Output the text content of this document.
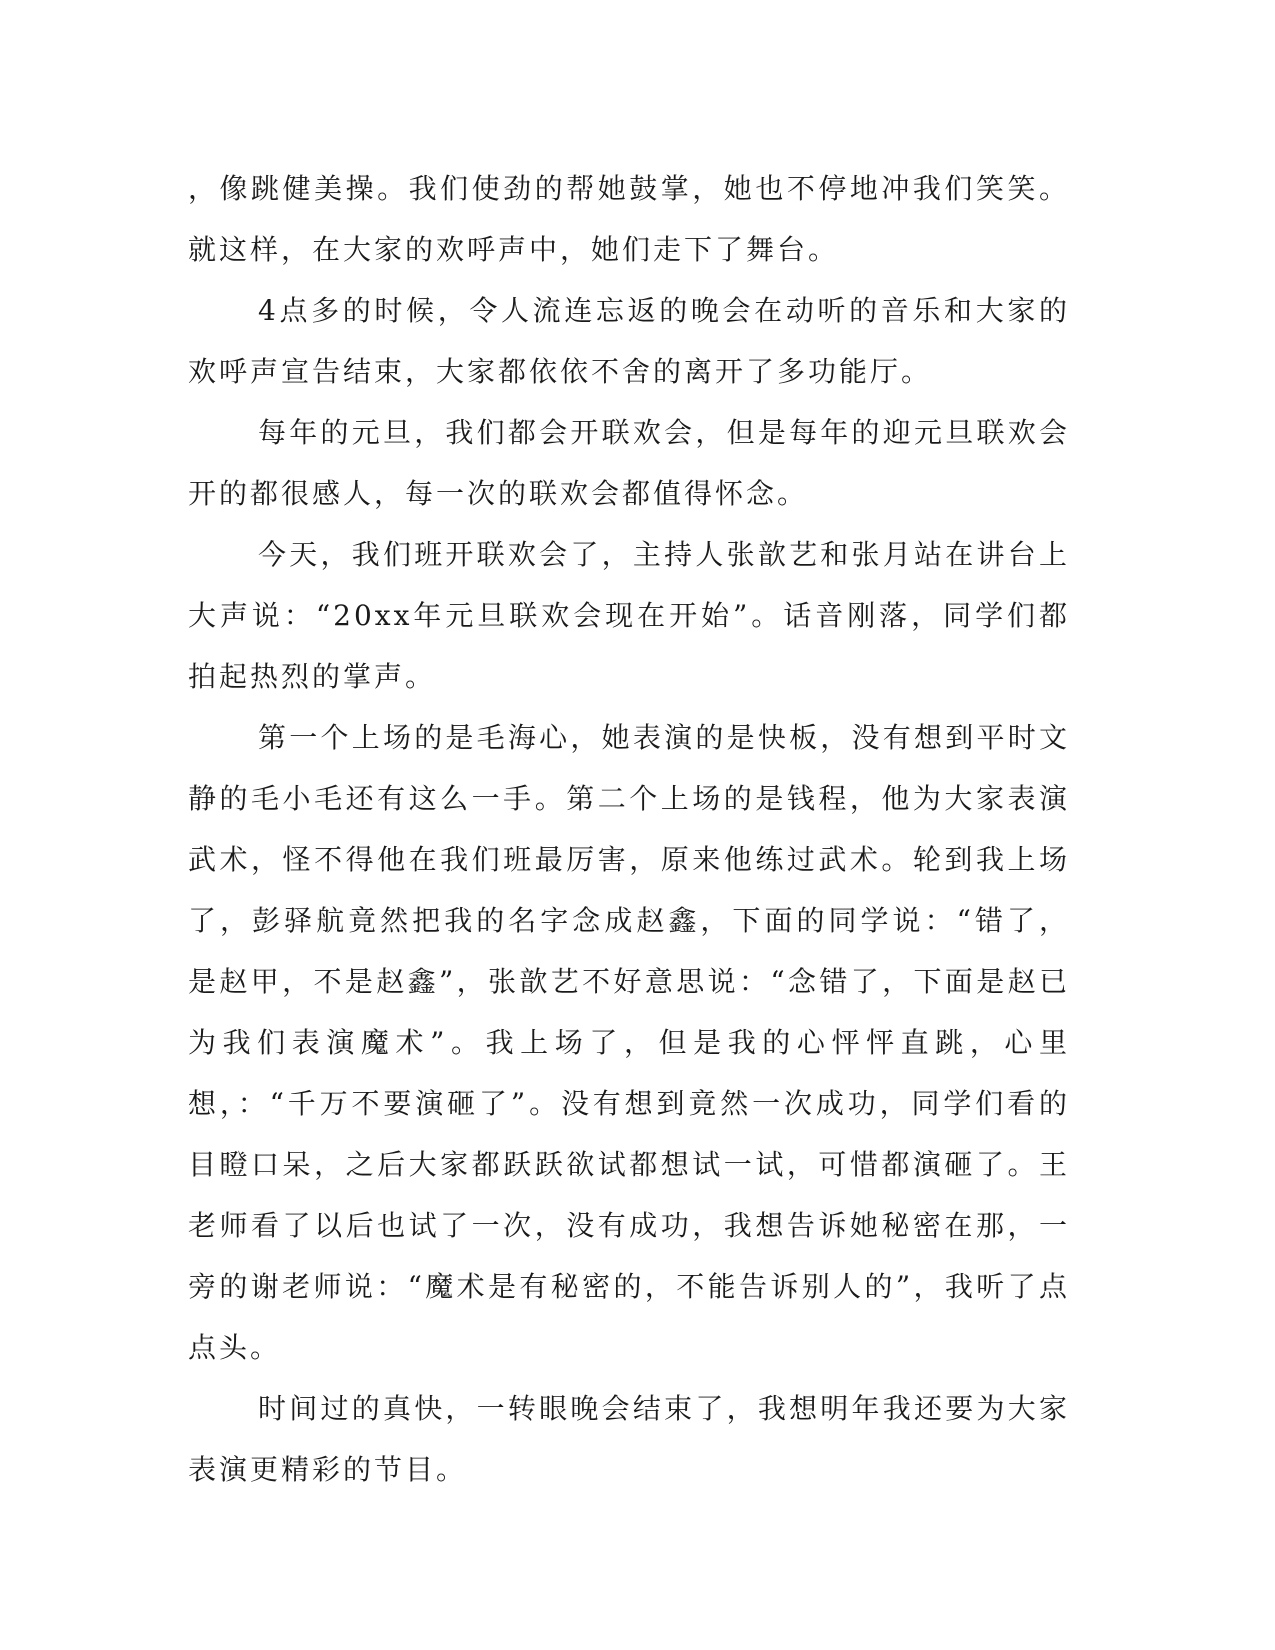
，像跳健美操。我们使劲的帮她鼓掌，她也不停地冲我们笑笑。就这样，在大家的欢呼声中，她们走下了舞台。

4点多的时候，令人流连忘返的晚会在动听的音乐和大家的欢呼声宣告结束，大家都依依不舍的离开了多功能厅。

每年的元旦，我们都会开联欢会，但是每年的迎元旦联欢会开的都很感人，每一次的联欢会都值得怀念。

今天，我们班开联欢会了，主持人张歆艺和张月站在讲台上大声说：“20xx年元旦联欢会现在开始”。话音刚落，同学们都拍起热烈的掌声。

第一个上场的是毛海心，她表演的是快板，没有想到平时文静的毛小毛还有这么一手。第二个上场的是钱程，他为大家表演武术，怪不得他在我们班最厉害，原来他练过武术。轮到我上场了，彭驿航竟然把我的名字念成赵鑫，下面的同学说：“错了，是赵甲，不是赵鑫”，张歆艺不好意思说：“念错了，下面是赵已为我们表演魔术”。我上场了，但是我的心怦怦直跳，心里想，：“千万不要演砸了”。没有想到竟然一次成功，同学们看的目瞪口呆，之后大家都跃跃欲试都想试一试，可惜都演砸了。王老师看了以后也试了一次，没有成功，我想告诉她秘密在那，一旁的谢老师说：“魔术是有秘密的，不能告诉别人的”，我听了点点头。

时间过的真快，一转眼晚会结束了，我想明年我还要为大家表演更精彩的节目。
